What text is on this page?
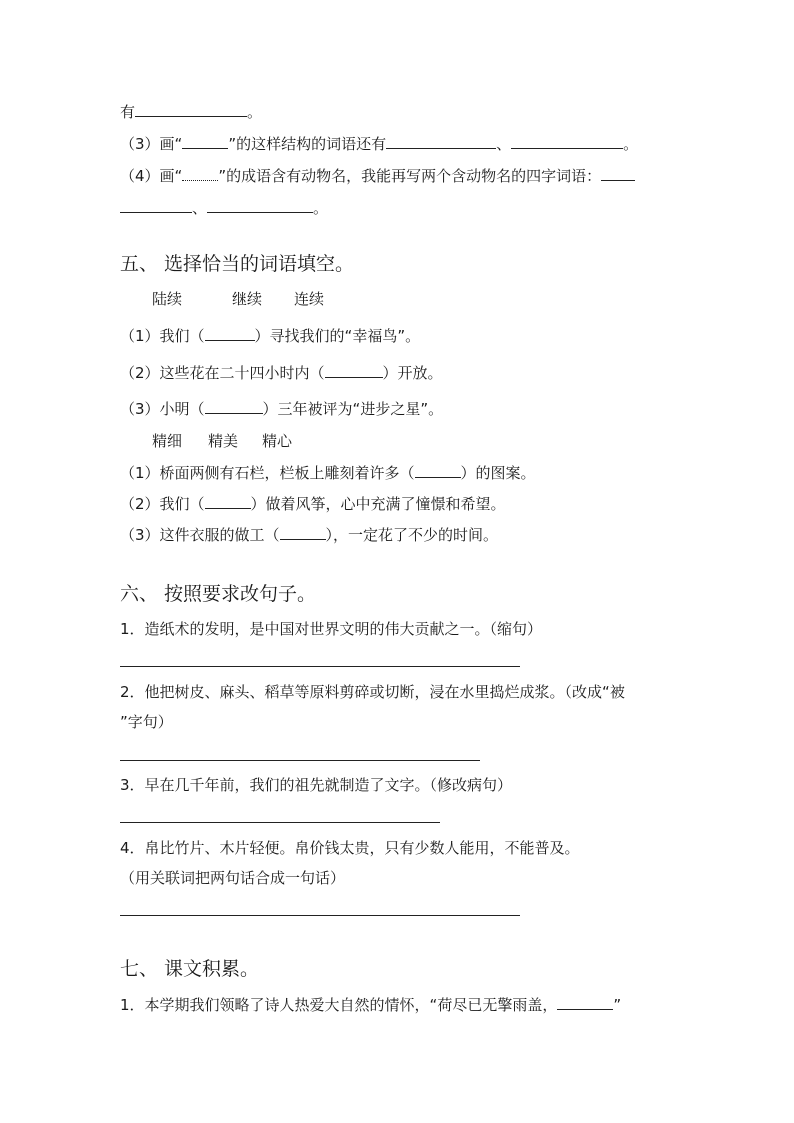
有	。
（3）画“	”的这样结构的词语还有	、	。
（4）画“ ”的成语含有动物名，我能再写两个含动物名的四字词语：
、	。
五、 选择恰当的词语填空。
陆续	继续 连续
（1）我们（	）寻找我们的“幸福鸟”。
（2）这些花在二十四小时内（	）开放。
（3）小明（	）三年被评为“进步之星”。
精细 精美 精心
（1）桥面两侧有石栏，栏板上雕刻着许多（	）的图案。
（2）我们（	）做着风筝，心中充满了憧憬和希望。
（3）这件衣服的做工（	），一定花了不少的时间。
六、 按照要求改句子。
1．造纸术的发明，是中国对世界文明的伟大贡献之一。（缩句）
2．他把树皮、麻头、稻草等原料剪碎或切断，浸在水里捣烂成浆。（改成“被
”字句）
3．早在几千年前，我们的祖先就制造了文字。（修改病句）
4．帛比竹片、木片轻便。帛价钱太贵，只有少数人能用，不能普及。
（用关联词把两句话合成一句话）
七、 课文积累。
1．本学期我们领略了诗人热爱大自然的情怀，“荷尽已无擎雨盖，	”
